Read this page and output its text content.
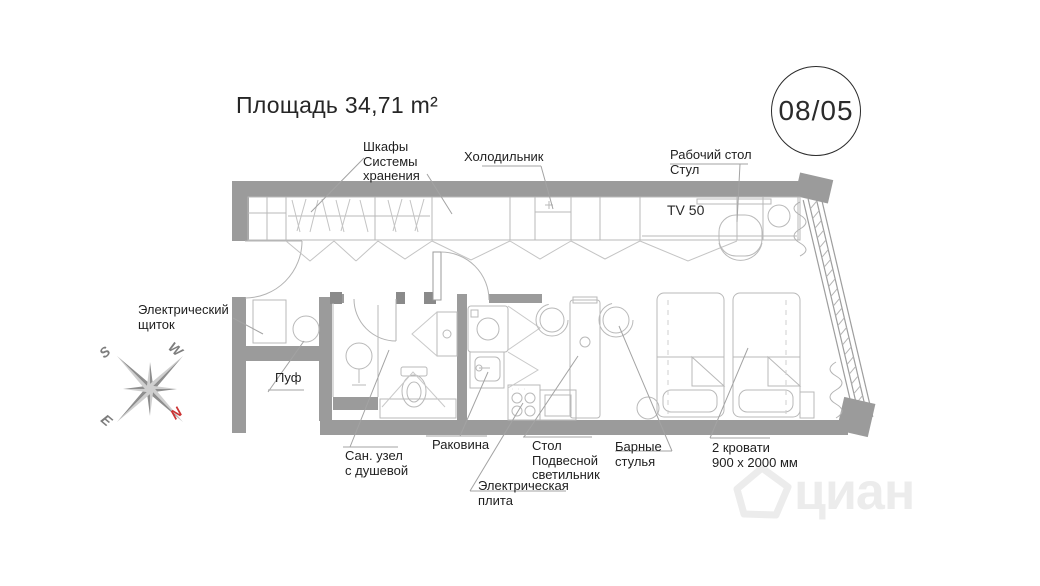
Площадь 34,71 m²	08/05
Шкафы
Системы
хранения
Холодильник	Рабочий стол
Стул
TV 50
Электрический
щиток
Пуф
Сан. узел
с душевой
Раковина	Стол
Подвесной
светильник
Электрическая
плита
Барные
стулья
2 кровати
900 х 2000 мм
S	W
E	N
циан
